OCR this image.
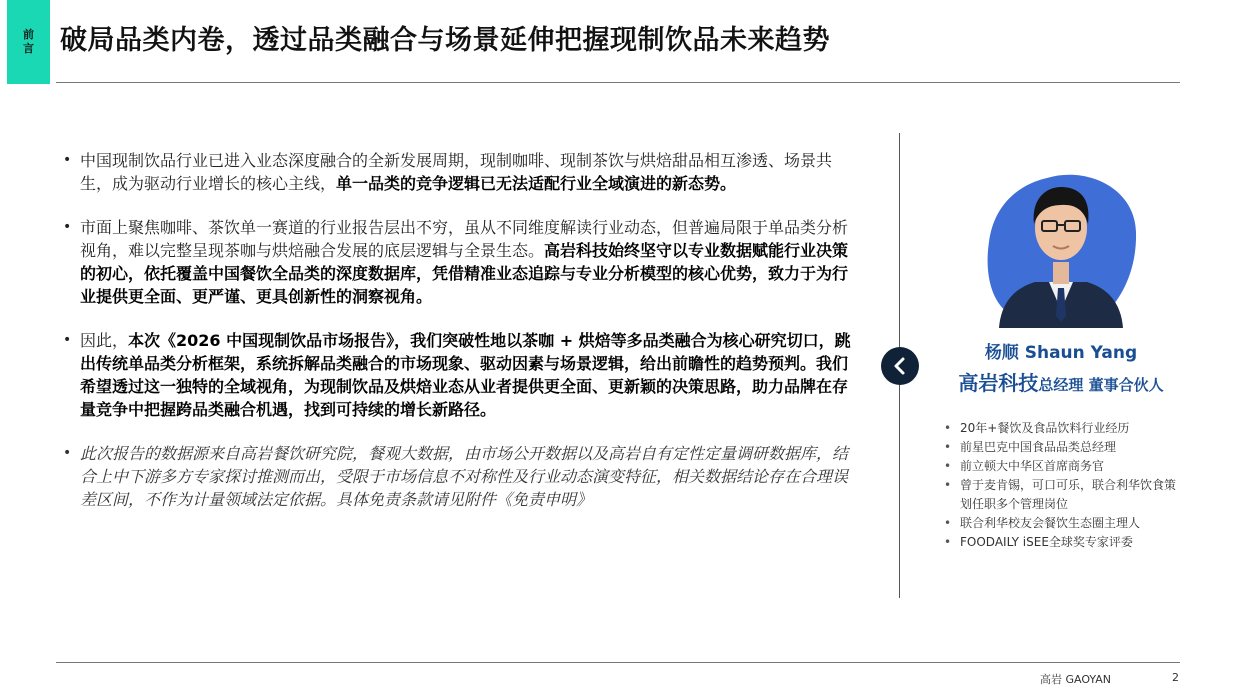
前
言 破局品类内卷，透过品类融合与场景延伸把握现制饮品未来趋势
• 中国现制饮品行业已进入业态深度融合的全新发展周期，现制咖啡、现制茶饮与烘焙甜品相互渗透、场景共生，成为驱动行业增长的核心主线，单一品类的竞争逻辑已无法适配行业全域演进的新态势。
• 市面上聚焦咖啡、茶饮单一赛道的行业报告层出不穷，虽从不同维度解读行业动态，但普遍局限于单品类分析视角，难以完整呈现茶咖与烘焙融合发展的底层逻辑与全景生态。高岩科技始终坚守以专业数据赋能行业决策的初心，依托覆盖中国餐饮全品类的深度数据库，凭借精准业态追踪与专业分析模型的核心优势，致力于为行业提供更全面、更严谨、更具创新性的洞察视角。
• 因此，本次《2026 中国现制饮品市场报告》，我们突破性地以茶咖 + 烘焙等多品类融合为核心研究切口，跳出传统单品类分析框架，系统拆解品类融合的市场现象、驱动因素与场景逻辑，给出前瞻性的趋势预判。我们希望透过这一独特的全域视角，为现制饮品及烘焙业态从业者提供更全面、更新颖的决策思路，助力品牌在存量竞争中把握跨品类融合机遇，找到可持续的增长新路径。
• 此次报告的数据源来自高岩餐饮研究院，餐观大数据，由市场公开数据以及高岩自有定性定量调研数据库，结合上中下游多方专家探讨推测而出，受限于市场信息不对称性及行业动态演变特征，相关数据结论存在合理误差区间，不作为计量领域法定依据。具体免责条款请见附件《免责申明》
杨顺 Shaun Yang
高岩科技总经理 董事合伙人
• 20年+餐饮及食品饮料行业经历
• 前星巴克中国食品品类总经理
• 前立顿大中华区首席商务官
• 曾于麦肯锡，可口可乐，联合利华饮食策划任职多个管理岗位
• 联合利华校友会餐饮生态圈主理人
• FOODAILY iSEE全球奖专家评委
高岩 GAOYAN	2
